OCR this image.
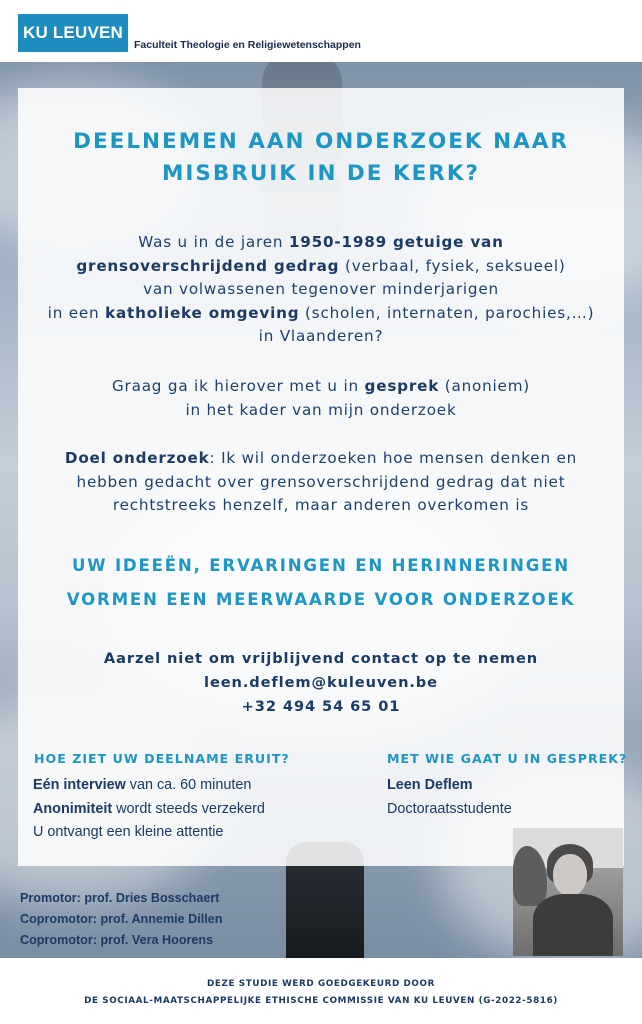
KU LEUVEN
Faculteit Theologie en Religiewetenschappen
DEELNEMEN AAN ONDERZOEK NAAR
MISBRUIK IN DE KERK?
Was u in de jaren 1950-1989 getuige van
grensoverschrijdend gedrag (verbaal, fysiek, seksueel)
van volwassenen tegenover minderjarigen
in een katholieke omgeving (scholen, internaten, parochies,…)
in Vlaanderen?
Graag ga ik hierover met u in gesprek (anoniem)
in het kader van mijn onderzoek
Doel onderzoek: Ik wil onderzoeken hoe mensen denken en
hebben gedacht over grensoverschrijdend gedrag dat niet
rechtstreeks henzelf, maar anderen overkomen is
UW IDEEËN, ERVARINGEN EN HERINNERINGEN
VORMEN EEN MEERWAARDE VOOR ONDERZOEK
Aarzel niet om vrijblijvend contact op te nemen
leen.deflem@kuleuven.be
+32 494 54 65 01
HOE ZIET UW DEELNAME ERUIT?
Eén interview van ca. 60 minuten
Anonimiteit wordt steeds verzekerd
U ontvangt een kleine attentie
MET WIE GAAT U IN GESPREK?
Leen Deflem
Doctoraatsstudente
Promotor: prof. Dries Bosschaert
Copromotor: prof. Annemie Dillen
Copromotor: prof. Vera Hoorens
DEZE STUDIE WERD GOEDGEKEURD DOOR
DE SOCIAAL-MAATSCHAPPELIJKE ETHISCHE COMMISSIE VAN KU LEUVEN (G-2022-5816)
